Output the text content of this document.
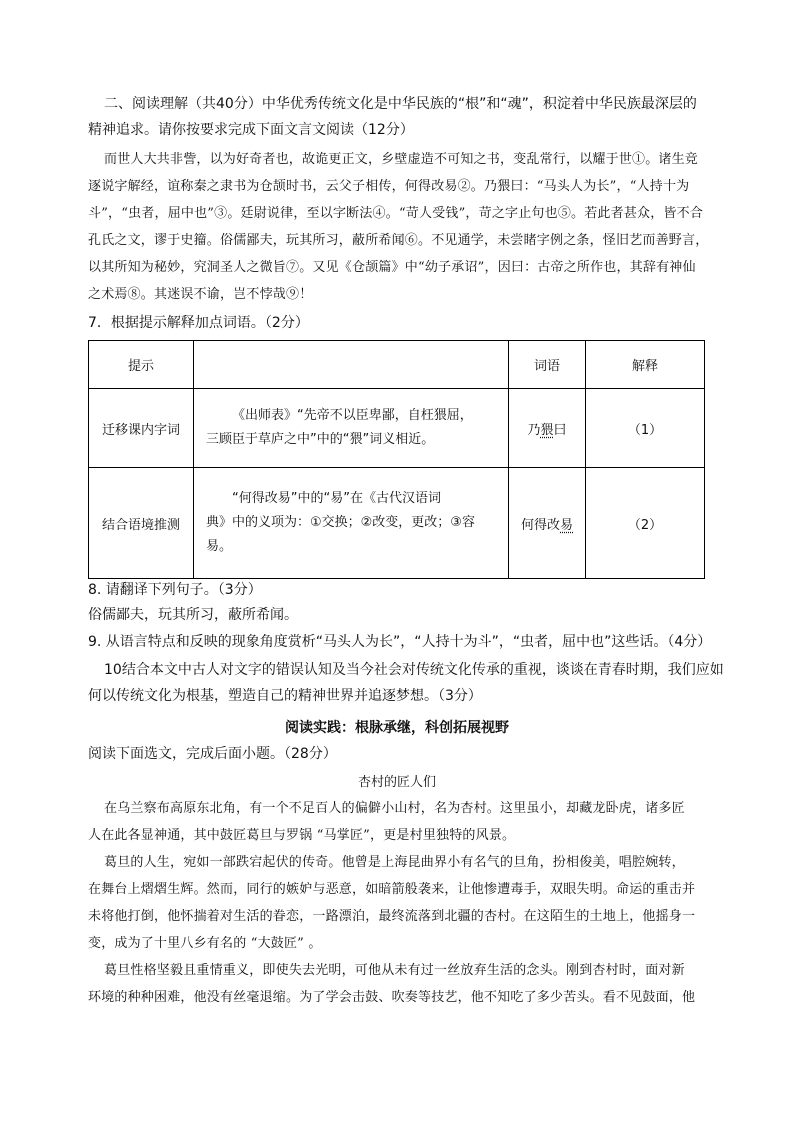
二、阅读理解（共40分）中华优秀传统文化是中华民族的“根”和“魂”，积淀着中华民族最深层的
精神追求。请你按要求完成下面文言文阅读（12分）
而世人大共非訾，以为好奇者也，故诡更正文，乡壁虚造不可知之书，变乱常行，以耀于世①。诸生竞
逐说字解经，谊称秦之隶书为仓颉时书，云父子相传，何得改易②。乃猥曰：“马头人为长”，“人持十为
斗”，“虫者，屈中也”③。廷尉说律，至以字断法④。“苛人受钱”，苛之字止句也⑤。若此者甚众，皆不合
孔氏之文，谬于史籀。俗儒鄙夫，玩其所习，蔽所希闻⑥。不见通学，未尝睹字例之条，怪旧艺而善野言，
以其所知为秘妙，究洞圣人之微旨⑦。又见《仓颉篇》中“幼子承诏”，因曰：古帝之所作也，其辞有神仙
之术焉⑧。其迷误不谕，岂不悖哉⑨！
7．根据提示解释加点词语。（2分）
提示		词语	解释
迁移课内字词	《出师表》“先帝不以臣卑鄙，自枉猥屈，
三顾臣于草庐之中”中的“猥”词义相近。	乃猥曰	（1）
结合语境推测	“何得改易”中的“易”在《古代汉语词
典》中的义项为：①交换；②改变，更改；③容
易。	何得改易	（2）
8. 请翻译下列句子。（3分）
俗儒鄙夫，玩其所习，蔽所希闻。
9. 从语言特点和反映的现象角度赏析“马头人为长”，“人持十为斗”，“虫者，屈中也”这些话。（4分）
10结合本文中古人对文字的错误认知及当今社会对传统文化传承的重视，谈谈在青春时期，我们应如
何以传统文化为根基，塑造自己的精神世界并追逐梦想。（3分）
阅读实践：根脉承继，科创拓展视野
阅读下面选文，完成后面小题。（28分）
杏村的匠人们
在乌兰察布高原东北角，有一个不足百人的偏僻小山村，名为杏村。这里虽小，却藏龙卧虎，诸多匠
人在此各显神通，其中鼓匠葛旦与罗锅 “马掌匠”，更是村里独特的风景。
葛旦的人生，宛如一部跌宕起伏的传奇。他曾是上海昆曲界小有名气的旦角，扮相俊美，唱腔婉转，
在舞台上熠熠生辉。然而，同行的嫉妒与恶意，如暗箭般袭来，让他惨遭毒手，双眼失明。命运的重击并
未将他打倒，他怀揣着对生活的眷恋，一路漂泊，最终流落到北疆的杏村。在这陌生的土地上，他摇身一
变，成为了十里八乡有名的 “大鼓匠” 。
葛旦性格坚毅且重情重义，即使失去光明，可他从未有过一丝放弃生活的念头。刚到杏村时，面对新
环境的种种困难，他没有丝毫退缩。为了学会击鼓、吹奏等技艺，他不知吃了多少苦头。看不见鼓面，他
